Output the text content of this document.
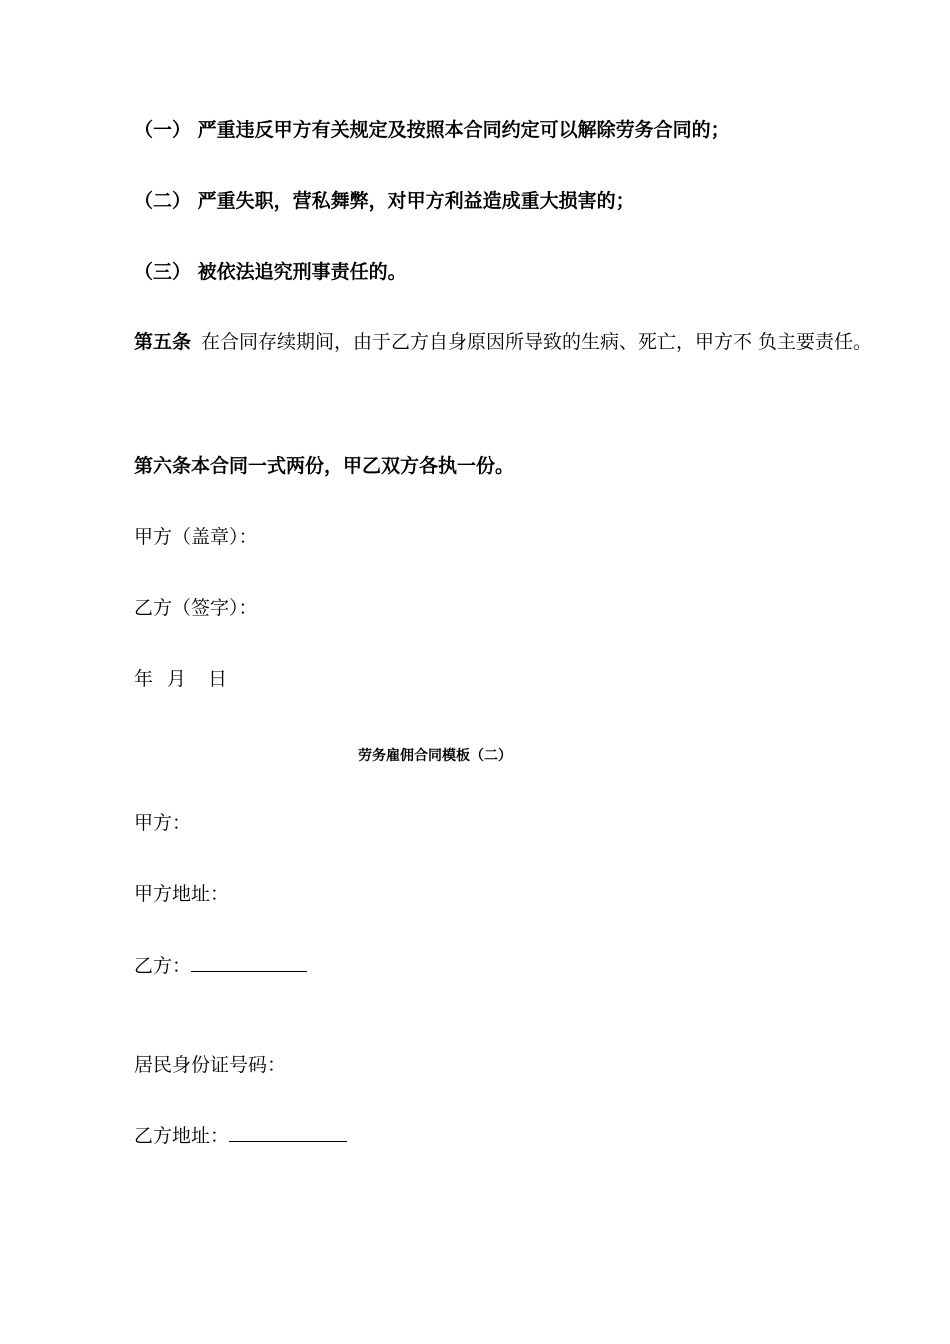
（一） 严重违反甲方有关规定及按照本合同约定可以解除劳务合同的；
（二） 严重失职，营私舞弊，对甲方利益造成重大损害的；
（三） 被依法追究刑事责任的。
第五条 在合同存续期间，由于乙方自身原因所导致的生病、死亡，甲方不 负主要责任。
第六条本合同一式两份，甲乙双方各执一份。
甲方（盖章）：
乙方（签字）：
年 月 日
劳务雇佣合同模板（二）
甲方：
甲方地址：
乙方：
居民身份证号码：
乙方地址：
